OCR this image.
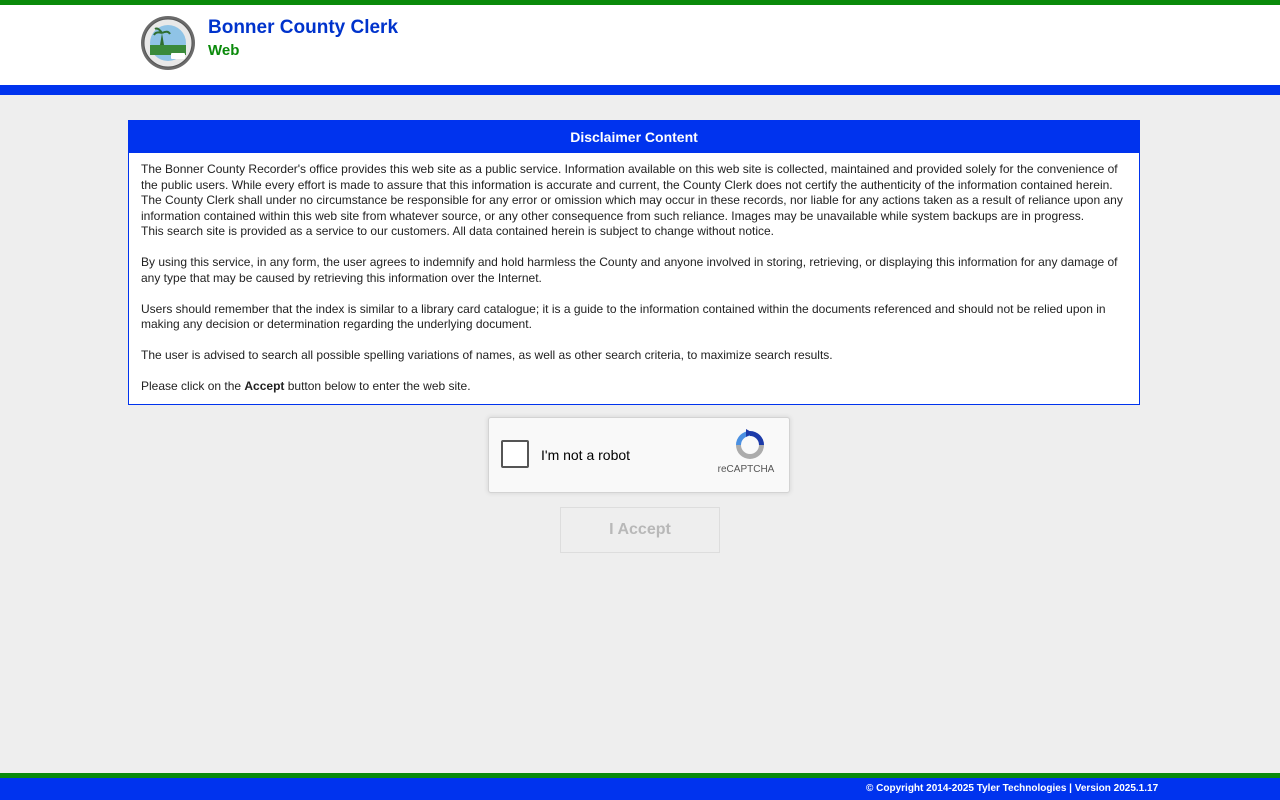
Bonner County Clerk
Web
Disclaimer Content

The Bonner County Recorder's office provides this web site as a public service. Information available on this web site is collected, maintained and provided solely for the convenience of the public users. While every effort is made to assure that this information is accurate and current, the County Clerk does not certify the authenticity of the information contained herein. The County Clerk shall under no circumstance be responsible for any error or omission which may occur in these records, nor liable for any actions taken as a result of reliance upon any information contained within this web site from whatever source, or any other consequence from such reliance. Images may be unavailable while system backups are in progress.
This search site is provided as a service to our customers. All data contained herein is subject to change without notice.

By using this service, in any form, the user agrees to indemnify and hold harmless the County and anyone involved in storing, retrieving, or displaying this information for any damage of any type that may be caused by retrieving this information over the Internet.

Users should remember that the index is similar to a library card catalogue; it is a guide to the information contained within the documents referenced and should not be relied upon in making any decision or determination regarding the underlying document.

The user is advised to search all possible spelling variations of names, as well as other search criteria, to maximize search results.

Please click on the Accept button below to enter the web site.

I'm not a robot
reCAPTCHA
I Accept
© Copyright 2014-2025 Tyler Technologies | Version 2025.1.17
